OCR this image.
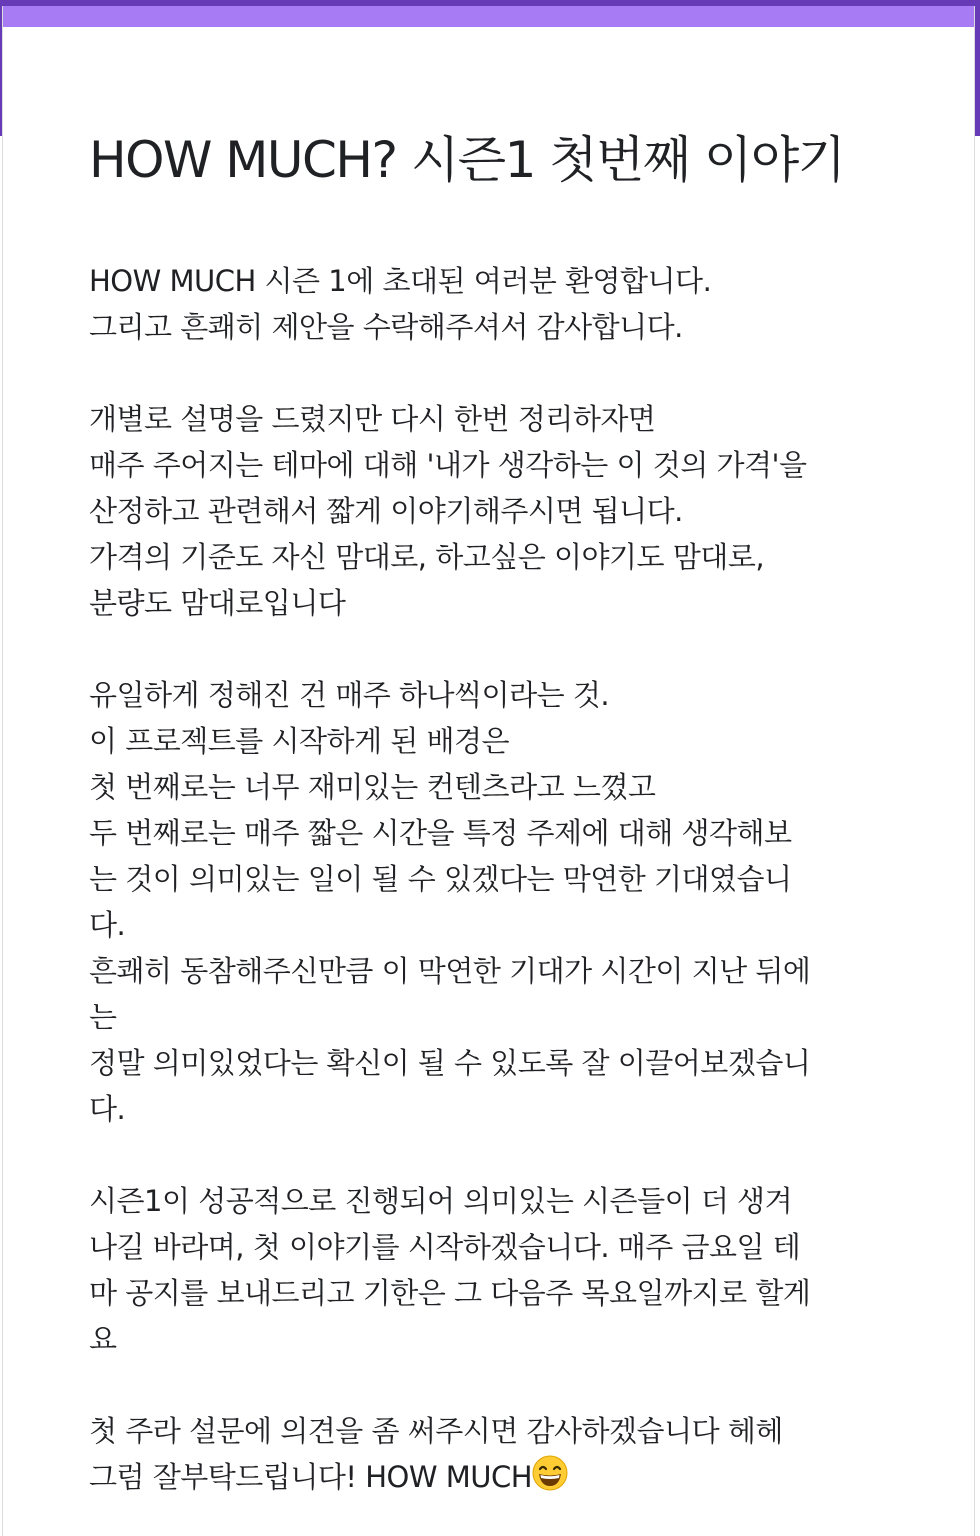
HOW MUCH? 시즌1 첫번째 이야기
HOW MUCH 시즌 1에 초대된 여러분 환영합니다.
그리고 흔쾌히 제안을 수락해주셔서 감사합니다.
개별로 설명을 드렸지만 다시 한번 정리하자면
매주 주어지는 테마에 대해 '내가 생각하는 이 것의 가격'을
산정하고 관련해서 짧게 이야기해주시면 됩니다.
가격의 기준도 자신 맘대로, 하고싶은 이야기도 맘대로,
분량도 맘대로입니다
유일하게 정해진 건 매주 하나씩이라는 것.
이 프로젝트를 시작하게 된 배경은
첫 번째로는 너무 재미있는 컨텐츠라고 느꼈고
두 번째로는 매주 짧은 시간을 특정 주제에 대해 생각해보
는 것이 의미있는 일이 될 수 있겠다는 막연한 기대였습니
다.
흔쾌히 동참해주신만큼 이 막연한 기대가 시간이 지난 뒤에
는
정말 의미있었다는 확신이 될 수 있도록 잘 이끌어보겠습니
다.
시즌1이 성공적으로 진행되어 의미있는 시즌들이 더 생겨
나길 바라며, 첫 이야기를 시작하겠습니다. 매주 금요일 테
마 공지를 보내드리고 기한은 그 다음주 목요일까지로 할게
요
첫 주라 설문에 의견을 좀 써주시면 감사하겠습니다 헤헤
그럼 잘부탁드립니다! HOW MUCH
